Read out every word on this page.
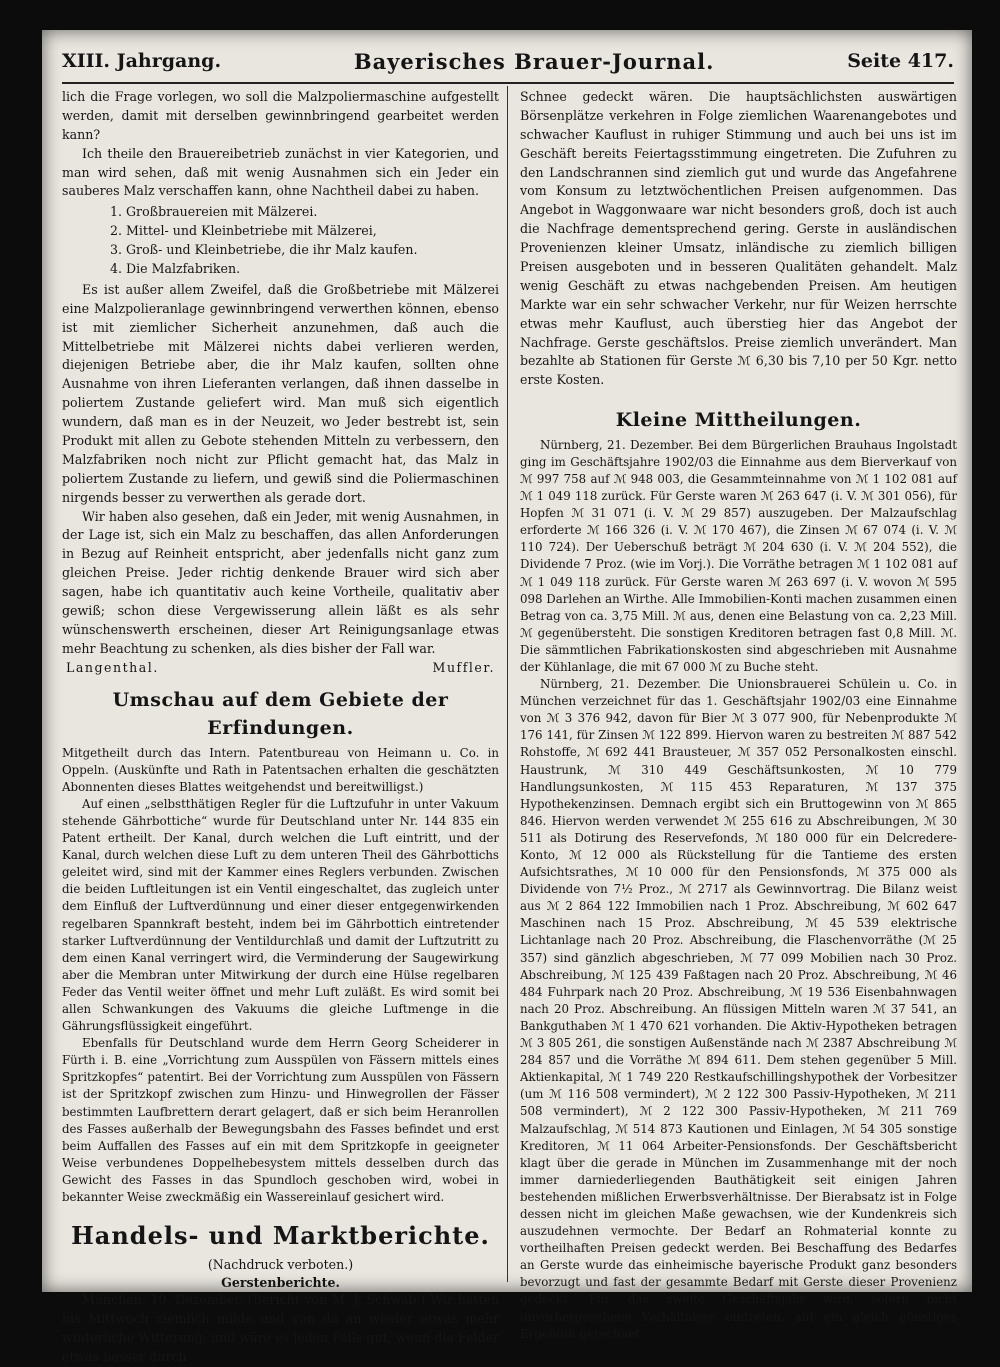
XIII. Jahrgang.	Bayerisches Brauer-Journal.	Seite 417.

lich die Frage vorlegen, wo soll die Malzpoliermaschine aufgestellt werden, damit mit derselben gewinnbringend gearbeitet werden kann?

Ich theile den Brauereibetrieb zunächst in vier Kategorien, und man wird sehen, daß mit wenig Ausnahmen sich ein Jeder ein sauberes Malz verschaffen kann, ohne Nachtheil dabei zu haben.

1. Großbrauereien mit Mälzerei.
2. Mittel- und Kleinbetriebe mit Mälzerei,
3. Groß- und Kleinbetriebe, die ihr Malz kaufen.
4. Die Malzfabriken.

Es ist außer allem Zweifel, daß die Großbetriebe mit Mälzerei eine Malzpolieranlage gewinnbringend verwerthen können, ebenso ist mit ziemlicher Sicherheit anzunehmen, daß auch die Mittelbetriebe mit Mälzerei nichts dabei verlieren werden, diejenigen Betriebe aber, die ihr Malz kaufen, sollten ohne Ausnahme von ihren Lieferanten verlangen, daß ihnen dasselbe in poliertem Zustande geliefert wird. Man muß sich eigentlich wundern, daß man es in der Neuzeit, wo Jeder bestrebt ist, sein Produkt mit allen zu Gebote stehenden Mitteln zu verbessern, den Malzfabriken noch nicht zur Pflicht gemacht hat, das Malz in poliertem Zustande zu liefern, und gewiß sind die Poliermaschinen nirgends besser zu verwerthen als gerade dort.

Wir haben also gesehen, daß ein Jeder, mit wenig Ausnahmen, in der Lage ist, sich ein Malz zu beschaffen, das allen Anforderungen in Bezug auf Reinheit entspricht, aber jedenfalls nicht ganz zum gleichen Preise. Jeder richtig denkende Brauer wird sich aber sagen, habe ich quantitativ auch keine Vortheile, qualitativ aber gewiß; schon diese Vergewisserung allein läßt es als sehr wünschenswerth erscheinen, dieser Art Reinigungsanlage etwas mehr Beachtung zu schenken, als dies bisher der Fall war.

Langenthal.	Muffler.
Umschau auf dem Gebiete der Erfindungen.

Mitgetheilt durch das Intern. Patentbureau von Heimann u. Co. in Oppeln. (Auskünfte und Rath in Patentsachen erhalten die geschätzten Abonnenten dieses Blattes weitgehendst und bereitwilligst.)

Auf einen „selbstthätigen Regler für die Luftzufuhr in unter Vakuum stehende Gährbottiche“ wurde für Deutschland unter Nr. 144 835 ein Patent ertheilt. Der Kanal, durch welchen die Luft eintritt, und der Kanal, durch welchen diese Luft zu dem unteren Theil des Gährbottichs geleitet wird, sind mit der Kammer eines Reglers verbunden. Zwischen die beiden Luftleitungen ist ein Ventil eingeschaltet, das zugleich unter dem Einfluß der Luftverdünnung und einer dieser entgegenwirkenden regelbaren Spannkraft besteht, indem bei im Gährbottich eintretender starker Luftverdünnung der Ventildurchlaß und damit der Luftzutritt zu dem einen Kanal verringert wird, die Verminderung der Saugewirkung aber die Membran unter Mitwirkung der durch eine Hülse regelbaren Feder das Ventil weiter öffnet und mehr Luft zuläßt. Es wird somit bei allen Schwankungen des Vakuums die gleiche Luftmenge in die Gährungsflüssigkeit eingeführt.

Ebenfalls für Deutschland wurde dem Herrn Georg Scheiderer in Fürth i. B. eine „Vorrichtung zum Ausspülen von Fässern mittels eines Spritzkopfes“ patentirt. Bei der Vorrichtung zum Ausspülen von Fässern ist der Spritzkopf zwischen zum Hinzu- und Hinwegrollen der Fässer bestimmten Laufbrettern derart gelagert, daß er sich beim Heranrollen des Fasses außerhalb der Bewegungsbahn des Fasses befindet und erst beim Auffallen des Fasses auf ein mit dem Spritzkopfe in geeigneter Weise verbundenes Doppelhebesystem mittels desselben durch das Gewicht des Fasses in das Spundloch geschoben wird, wobei in bekannter Weise zweckmäßig ein Wassereinlauf gesichert wird.

Handels- und Marktberichte.
(Nachdruck verboten.)
Gerstenberichte.

München, 19. Dezember. (Bericht von M. J. Schwab.) Wir hatten bis Mittwoch ziemlich milde und von da an wieder etwas mehr winterliche Witterung, und wäre es jeden Falls gut, wenn die Felder etwas besser durch

Schnee gedeckt wären. Die hauptsächlichsten auswärtigen Börsenplätze verkehren in Folge ziemlichen Waarenangebotes und schwacher Kauflust in ruhiger Stimmung und auch bei uns ist im Geschäft bereits Feiertagsstimmung eingetreten. Die Zufuhren zu den Landschrannen sind ziemlich gut und wurde das Angefahrene vom Konsum zu letztwöchentlichen Preisen aufgenommen. Das Angebot in Waggonwaare war nicht besonders groß, doch ist auch die Nachfrage dementsprechend gering. Gerste in ausländischen Provenienzen kleiner Umsatz, inländische zu ziemlich billigen Preisen ausgeboten und in besseren Qualitäten gehandelt. Malz wenig Geschäft zu etwas nachgebenden Preisen. Am heutigen Markte war ein sehr schwacher Verkehr, nur für Weizen herrschte etwas mehr Kauflust, auch überstieg hier das Angebot der Nachfrage. Gerste geschäftslos. Preise ziemlich unverändert. Man bezahlte ab Stationen für Gerste ℳ 6,30 bis 7,10 per 50 Kgr. netto erste Kosten.

Kleine Mittheilungen.

Nürnberg, 21. Dezember. Bei dem Bürgerlichen Brauhaus Ingolstadt ging im Geschäftsjahre 1902/03 die Einnahme aus dem Bierverkauf von ℳ 997 758 auf ℳ 948 003, die Gesammteinnahme von ℳ 1 102 081 auf ℳ 1 049 118 zurück. Für Gerste waren ℳ 263 647 (i. V. ℳ 301 056), für Hopfen ℳ 31 071 (i. V. ℳ 29 857) auszugeben. Der Malzaufschlag erforderte ℳ 166 326 (i. V. ℳ 170 467), die Zinsen ℳ 67 074 (i. V. ℳ 110 724). Der Ueberschuß beträgt ℳ 204 630 (i. V. ℳ 204 552), die Dividende 7 Proz. (wie im Vorj.). Die Vorräthe betragen ℳ 1 102 081 auf ℳ 1 049 118 zurück. Für Gerste waren ℳ 263 697 (i. V. wovon ℳ 595 098 Darlehen an Wirthe. Alle Immobilien-Konti machen zusammen einen Betrag von ca. 3,75 Mill. ℳ aus, denen eine Belastung von ca. 2,23 Mill. ℳ gegenübersteht. Die sonstigen Kreditoren betragen fast 0,8 Mill. ℳ. Die sämmtlichen Fabrikationskosten sind abgeschrieben mit Ausnahme der Kühlanlage, die mit 67 000 ℳ zu Buche steht.

Nürnberg, 21. Dezember. Die Unionsbrauerei Schülein u. Co. in München verzeichnet für das 1. Geschäftsjahr 1902/03 eine Einnahme von ℳ 3 376 942, davon für Bier ℳ 3 077 900, für Nebenprodukte ℳ 176 141, für Zinsen ℳ 122 899. Hiervon waren zu bestreiten ℳ 887 542 Rohstoffe, ℳ 692 441 Brausteuer, ℳ 357 052 Personalkosten einschl. Haustrunk, ℳ 310 449 Geschäftsunkosten, ℳ 10 779 Handlungsunkosten, ℳ 115 453 Reparaturen, ℳ 137 375 Hypothekenzinsen. Demnach ergibt sich ein Bruttogewinn von ℳ 865 846. Hiervon werden verwendet ℳ 255 616 zu Abschreibungen, ℳ 30 511 als Dotirung des Reservefonds, ℳ 180 000 für ein Delcredere-Konto, ℳ 12 000 als Rückstellung für die Tantieme des ersten Aufsichtsrathes, ℳ 10 000 für den Pensionsfonds, ℳ 375 000 als Dividende von 7½ Proz., ℳ 2717 als Gewinnvortrag. Die Bilanz weist aus ℳ 2 864 122 Immobilien nach 1 Proz. Abschreibung, ℳ 602 647 Maschinen nach 15 Proz. Abschreibung, ℳ 45 539 elektrische Lichtanlage nach 20 Proz. Abschreibung, die Flaschenvorräthe (ℳ 25 357) sind gänzlich abgeschrieben, ℳ 77 099 Mobilien nach 30 Proz. Abschreibung, ℳ 125 439 Faßtagen nach 20 Proz. Abschreibung, ℳ 46 484 Fuhrpark nach 20 Proz. Abschreibung, ℳ 19 536 Eisenbahnwagen nach 20 Proz. Abschreibung. An flüssigen Mitteln waren ℳ 37 541, an Bankguthaben ℳ 1 470 621 vorhanden. Die Aktiv-Hypotheken betragen ℳ 3 805 261, die sonstigen Außenstände nach ℳ 2387 Abschreibung ℳ 284 857 und die Vorräthe ℳ 894 611. Dem stehen gegenüber 5 Mill. Aktienkapital, ℳ 1 749 220 Restkaufschillingshypothek der Vorbesitzer (um ℳ 116 508 vermindert), ℳ 2 122 300 Passiv-Hypotheken, ℳ 211 508 vermindert), ℳ 2 122 300 Passiv-Hypotheken, ℳ 211 769 Malzaufschlag, ℳ 514 873 Kautionen und Einlagen, ℳ 54 305 sonstige Kreditoren, ℳ 11 064 Arbeiter-Pensionsfonds. Der Geschäftsbericht klagt über die gerade in München im Zusammenhange mit der noch immer darniederliegenden Bauthätigkeit seit einigen Jahren bestehenden mißlichen Erwerbsverhältnisse. Der Bierabsatz ist in Folge dessen nicht im gleichen Maße gewachsen, wie der Kundenkreis sich auszudehnen vermochte. Der Bedarf an Rohmaterial konnte zu vortheilhaften Preisen gedeckt werden. Bei Beschaffung des Bedarfes an Gerste wurde das einheimische bayerische Produkt ganz besonders bevorzugt und fast der gesammte Bedarf mit Gerste dieser Provenienz gedeckt. Für das zweite Geschäftsjahr wird, sofern nicht unvorhergesehene Verhältnisse eintreten, auf ein gleich günstiges Ergebniß gerechnet.
